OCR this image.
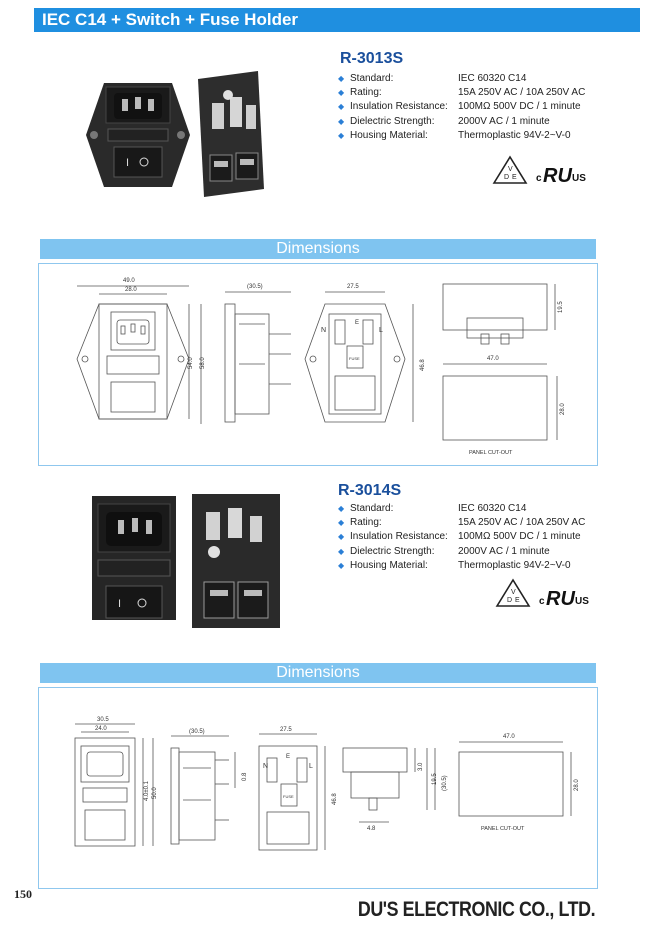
IEC C14 + Switch + Fuse Holder
I
R-3013S
◆ Standard:	IEC 60320 C14
◆ Rating:	15A 250V AC / 10A 250V AC
◆ Insulation Resistance:	100MΩ 500V DC / 1 minute
◆ Dielectric Strength:	2000V AC / 1 minute
◆ Housing Material:	Thermoplastic 94V-2~V-0
D
V
E c RU US
Dimensions
49.0
28.0
54.0 58.0
(30.5)	27.5
N	L
E
FUSE
46.8
19.5
47.0
28.0
PANEL CUT-OUT
I
R-3014S
◆ Standard:	IEC 60320 C14
◆ Rating:	15A 250V AC / 10A 250V AC
◆ Insulation Resistance:	100MΩ 500V DC / 1 minute
◆ Dielectric Strength:	2000V AC / 1 minute
◆ Housing Material:	Thermoplastic 94V-2~V-0
D
V
E c RU US
Dimensions
30.5
24.0
4.0±0.1 50.0
(30.5)
0.8
27.5
N	L
E
FUSE	46.8
3.0
19.5 (30.5)
4.8
47.0
28.0
PANEL CUT-OUT
150
DU'S ELECTRONIC CO., LTD.
